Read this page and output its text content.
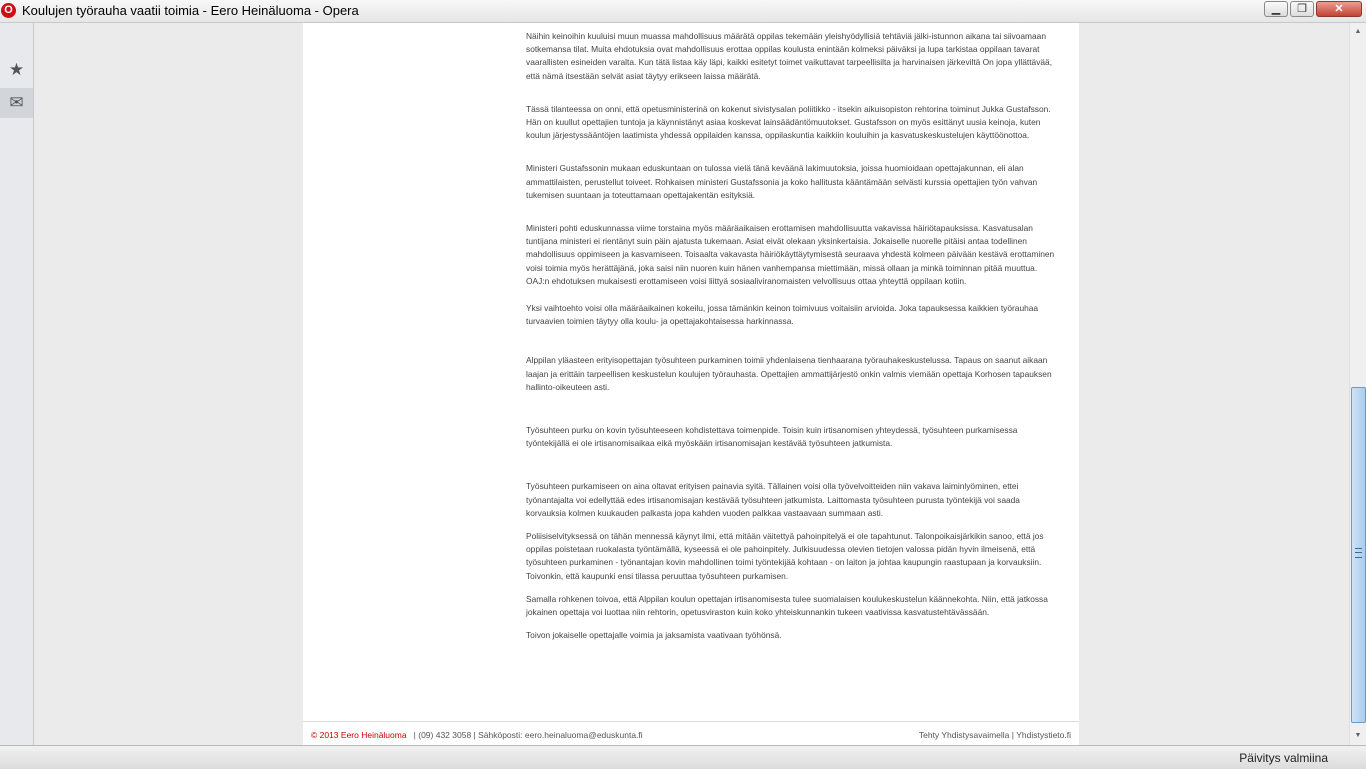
O Koulujen työrauha vaatii toimia - Eero Heinäluoma - Opera	▁	❐	✕
★
✉

Näihin keinoihin kuuluisi muun muassa mahdollisuus määrätä oppilas tekemään yleishyödyllisiä tehtäviä jälki-istunnon aikana tai siivoamaan sotkemansa tilat. Muita ehdotuksia ovat mahdollisuus erottaa oppilas koulusta enintään kolmeksi päiväksi ja lupa tarkistaa oppilaan tavarat vaarallisten esineiden varalta. Kun tätä listaa käy läpi, kaikki esitetyt toimet vaikuttavat tarpeellisilta ja harvinaisen järkeviltä On jopa yllättävää, että nämä itsestään selvät asiat täytyy erikseen laissa määrätä.

Tässä tilanteessa on onni, että opetusministerinä on kokenut sivistysalan poliitikko - itsekin aikuisopiston rehtorina toiminut Jukka Gustafsson. Hän on kuullut opettajien tuntoja ja käynnistänyt asiaa koskevat lainsäädäntömuutokset. Gustafsson on myös esittänyt uusia keinoja, kuten koulun järjestyssääntöjen laatimista yhdessä oppilaiden kanssa, oppilaskuntia kaikkiin kouluihin ja kasvatuskeskustelujen käyttöönottoa.

Ministeri Gustafssonin mukaan eduskuntaan on tulossa vielä tänä keväänä lakimuutoksia, joissa huomioidaan opettajakunnan, eli alan ammattilaisten, perustellut toiveet. Rohkaisen ministeri Gustafssonia ja koko hallitusta kääntämään selvästi kurssia opettajien työn vahvan tukemisen suuntaan ja toteuttamaan opettajakentän esityksiä.

Ministeri pohti eduskunnassa viime torstaina myös määräaikaisen erottamisen mahdollisuutta vakavissa häiriötapauksissa. Kasvatusalan tuntijana ministeri ei rientänyt suin päin ajatusta tukemaan. Asiat eivät olekaan yksinkertaisia. Jokaiselle nuorelle pitäisi antaa todellinen mahdollisuus oppimiseen ja kasvamiseen. Toisaalta vakavasta häiriökäyttäytymisestä seuraava yhdestä kolmeen päivään kestävä erottaminen voisi toimia myös herättäjänä, joka saisi niin nuoren kuin hänen vanhempansa miettimään, missä ollaan ja minkä toiminnan pitää muuttua. OAJ:n ehdotuksen mukaisesti erottamiseen voisi liittyä sosiaaliviranomaisten velvollisuus ottaa yhteyttä oppilaan kotiin.

Yksi vaihtoehto voisi olla määräaikainen kokeilu, jossa tämänkin keinon toimivuus voitaisiin arvioida. Joka tapauksessa kaikkien työrauhaa turvaavien toimien täytyy olla koulu- ja opettajakohtaisessa harkinnassa.

Alppilan yläasteen erityisopettajan työsuhteen purkaminen toimii yhdenlaisena tienhaarana työrauhakeskustelussa. Tapaus on saanut aikaan laajan ja erittäin tarpeellisen keskustelun koulujen työrauhasta. Opettajien ammattijärjestö onkin valmis viemään opettaja Korhosen tapauksen hallinto-oikeuteen asti.

Työsuhteen purku on kovin työsuhteeseen kohdistettava toimenpide. Toisin kuin irtisanomisen yhteydessä, työsuhteen purkamisessa työntekijällä ei ole irtisanomisaikaa eikä myöskään irtisanomisajan kestävää työsuhteen jatkumista.

Työsuhteen purkamiseen on aina oltavat erityisen painavia syitä. Tällainen voisi olla työvelvoitteiden niin vakava laiminlyöminen, ettei työnantajalta voi edellyttää edes irtisanomisajan kestävää työsuhteen jatkumista. Laittomasta työsuhteen purusta työntekijä voi saada korvauksia kolmen kuukauden palkasta jopa kahden vuoden palkkaa vastaavaan summaan asti.

Poliisiselvityksessä on tähän mennessä käynyt ilmi, että mitään väitettyä pahoinpitelyä ei ole tapahtunut. Talonpoikaisjärkikin sanoo, että jos oppilas poistetaan ruokalasta työntämällä, kyseessä ei ole pahoinpitely. Julkisuudessa olevien tietojen valossa pidän hyvin ilmeisenä, että työsuhteen purkaminen - työnantajan kovin mahdollinen toimi työntekijää kohtaan - on laiton ja johtaa kaupungin raastupaan ja korvauksiin. Toivonkin, että kaupunki ensi tilassa peruuttaa työsuhteen purkamisen.

Samalla rohkenen toivoa, että Alppilan koulun opettajan irtisanomisesta tulee suomalaisen koulukeskustelun käännekohta. Niin, että jatkossa jokainen opettaja voi luottaa niin rehtorin, opetusviraston kuin koko yhteiskunnankin tukeen vaativissa kasvatustehtävässään.

Toivon jokaiselle opettajalle voimia ja jaksamista vaativaan työhönsä.

© 2013 Eero Heinäluoma | (09) 432 3058 | Sähköposti: eero.heinaluoma@eduskunta.fi	Tehty Yhdistysavaimella | Yhdistystieto.fi
▲
▼
Päivitys valmiina
